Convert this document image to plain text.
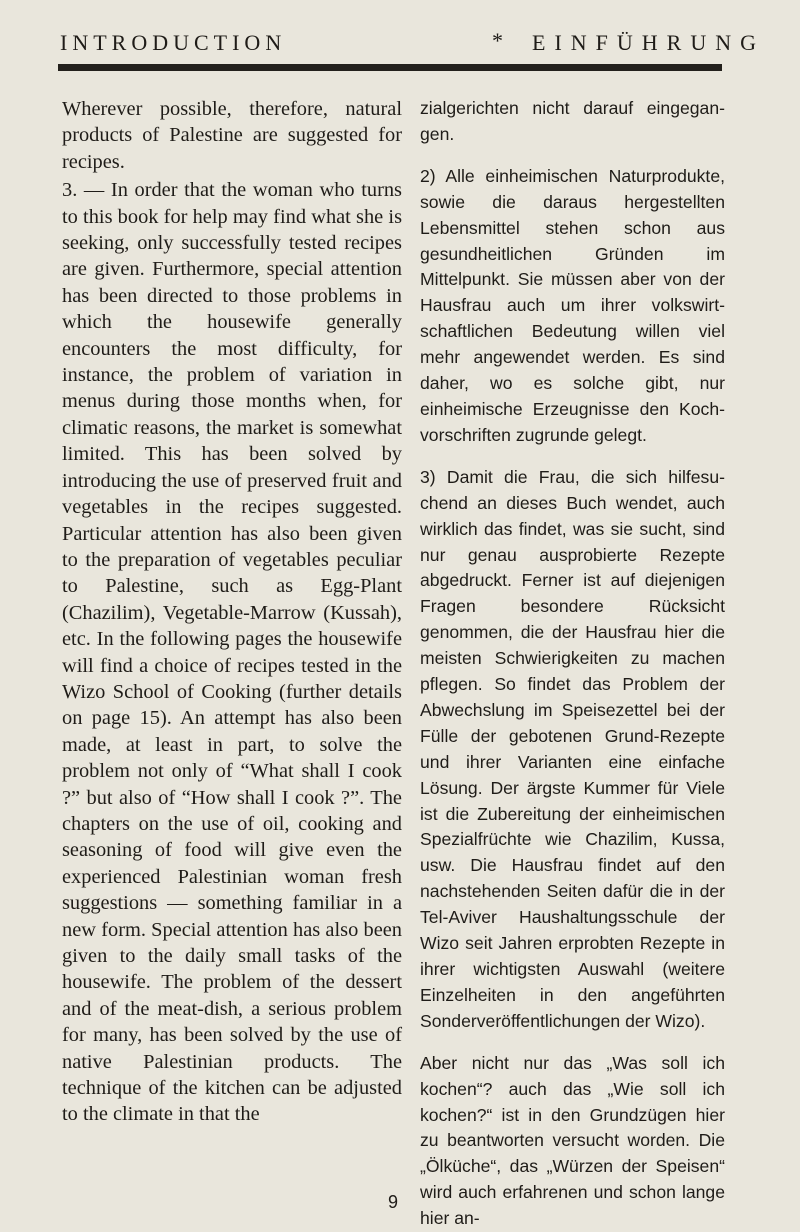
INTRODUCTION	* EINFÜHRUNG

Wherever possible, therefore, natural products of Palestine are suggested for recipes.

3. — In order that the woman who turns to this book for help may find what she is seeking, only successfully tested recipes are given. Furthermore, special attention has been directed to those problems in which the housewife generally encounters the most difficulty, for instance, the problem of variation in menus during those months when, for climatic reasons, the market is somewhat limited. This has been solved by introducing the use of preserved fruit and vegetables in the recipes suggested. Particular attention has also been given to the preparation of vegetables peculiar to Palestine, such as Egg-Plant (Chazilim), Vegetable-Marrow (Kussah), etc. In the following pages the housewife will find a choice of recipes tested in the Wizo School of Cooking (further details on page 15). An attempt has also been made, at least in part, to solve the problem not only of “What shall I cook ?” but also of “How shall I cook ?”. The chapters on the use of oil, cooking and seasoning of food will give even the experienced Palestinian woman fresh suggestions — something familiar in a new form. Special attention has also been given to the daily small tasks of the housewife. The problem of the dessert and of the meat-dish, a serious problem for many, has been solved by the use of native Palestinian products. The technique of the kitchen can be adjusted to the climate in that the

zialgerichten nicht darauf eingegangen.

2) Alle einheimischen Naturprodukte, sowie die daraus hergestellten Lebensmittel stehen schon aus gesundheitlichen Gründen im Mittelpunkt. Sie müssen aber von der Hausfrau auch um ihrer volkswirtschaftlichen Bedeutung willen viel mehr angewendet werden. Es sind daher, wo es solche gibt, nur einheimische Erzeugnisse den Kochvorschriften zugrunde gelegt.

3) Damit die Frau, die sich hilfesuchend an dieses Buch wendet, auch wirklich das findet, was sie sucht, sind nur genau ausprobierte Rezepte abgedruckt. Ferner ist auf diejenigen Fragen besondere Rücksicht genommen, die der Hausfrau hier die meisten Schwierigkeiten zu machen pflegen. So findet das Problem der Abwechslung im Speisezettel bei der Fülle der gebotenen Grund-Rezepte und ihrer Varianten eine einfache Lösung. Der ärgste Kummer für Viele ist die Zubereitung der einheimischen Spezialfrüchte wie Chazilim, Kussa, usw. Die Hausfrau findet auf den nachstehenden Seiten dafür die in der Tel-Aviver Haushaltungsschule der Wizo seit Jahren erprobten Rezepte in ihrer wichtigsten Auswahl (weitere Einzelheiten in den angeführten Sonderveröffentlichungen der Wizo).

Aber nicht nur das „Was soll ich kochen“? auch das „Wie soll ich kochen?“ ist in den Grundzügen hier zu beantworten versucht worden. Die „Ölküche“, das „Würzen der Speisen“ wird auch erfahrenen und schon lange hier an-

9
